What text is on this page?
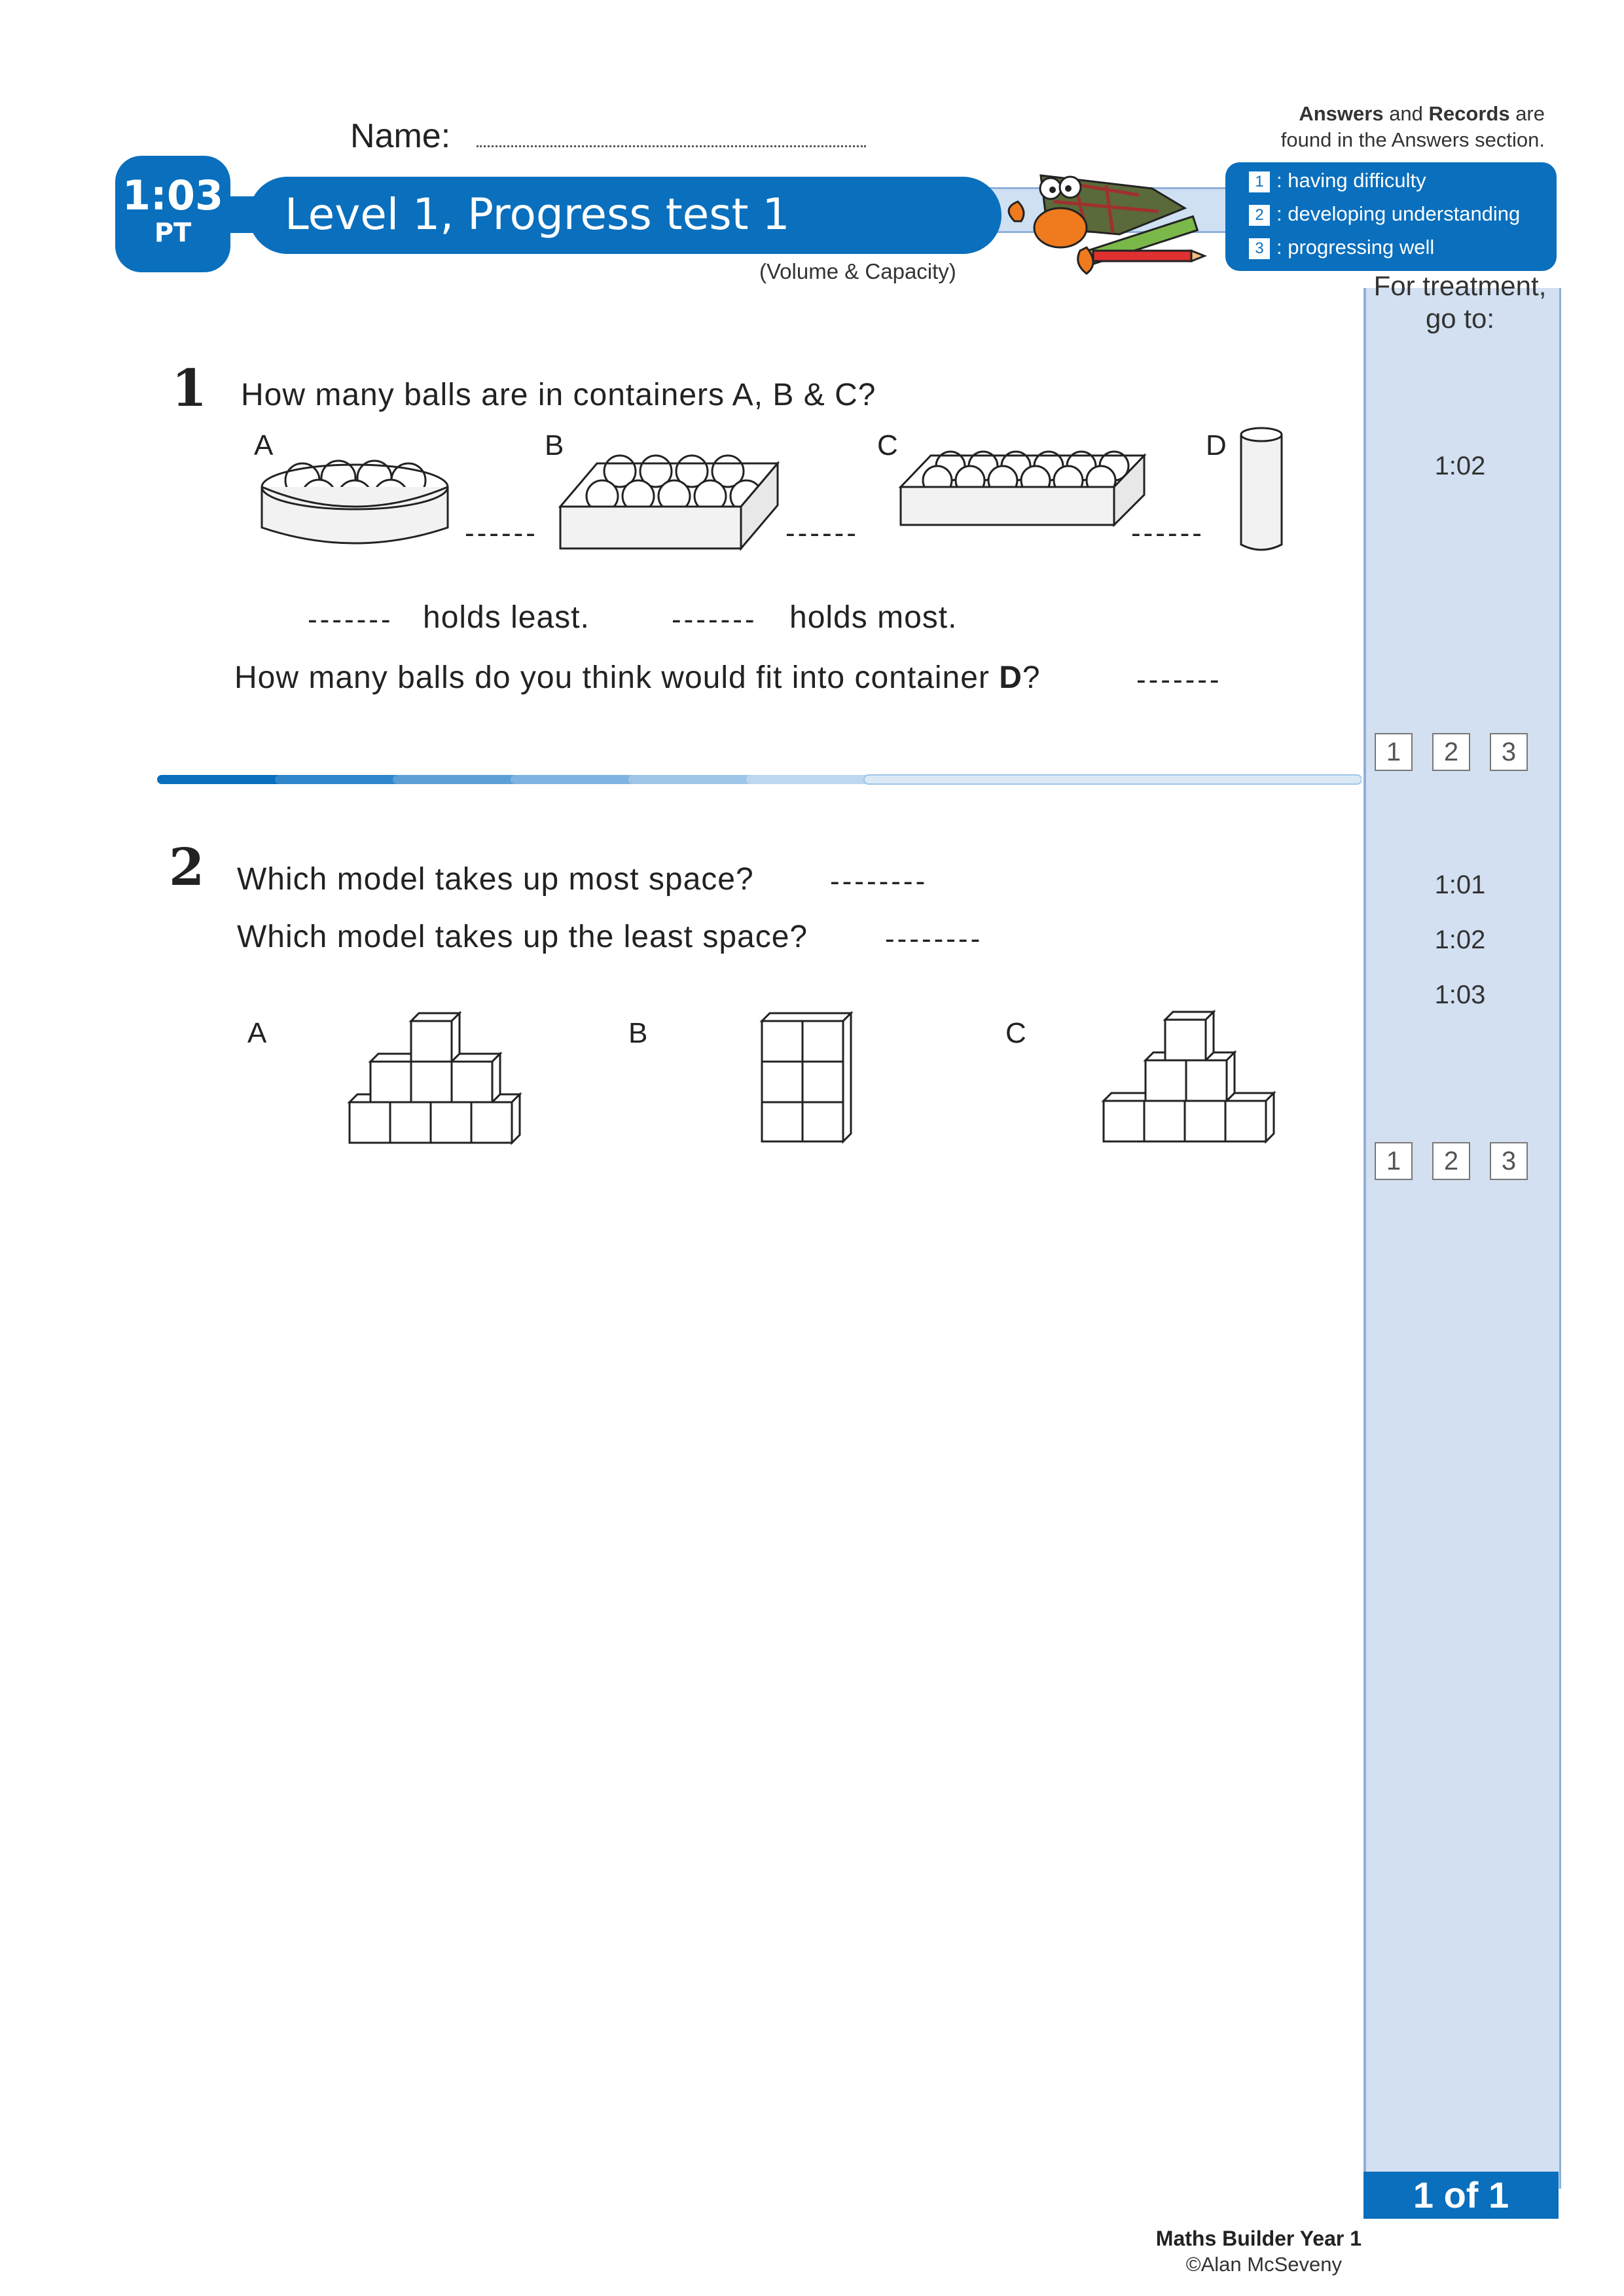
Name:
Answers and Records are
found in the Answers section.
1:03
PT	Level 1, Progress test 1
(Volume & Capacity)
1 : having difficulty
2 : developing understanding
3 : progressing well
For treatment,
go to:
1:02
1	2	3
1:01
1:02
1:03
1	2	3
1 of 1
1 How many balls are in containers A, B & C?
A	B	C	D
------	------	------
------- holds least.	------- holds most.
How many balls do you think would fit into container D?	-------
2 Which model takes up most space?	--------
Which model takes up the least space?	--------
A	B	C
Maths Builder Year 1
©Alan McSeveny
